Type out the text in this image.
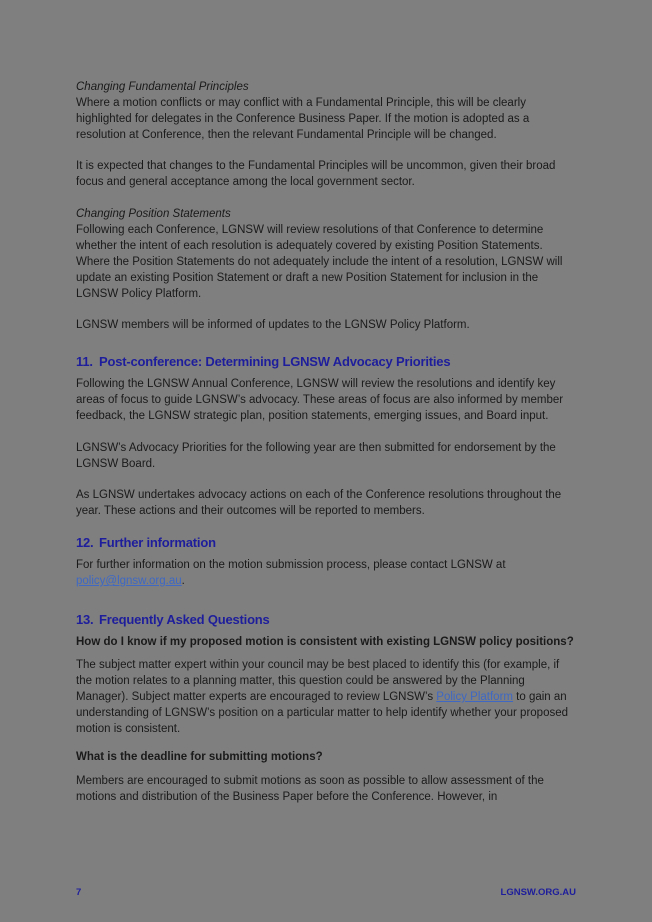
Changing Fundamental Principles

Where a motion conflicts or may conflict with a Fundamental Principle, this will be clearly highlighted for delegates in the Conference Business Paper. If the motion is adopted as a resolution at Conference, then the relevant Fundamental Principle will be changed.

It is expected that changes to the Fundamental Principles will be uncommon, given their broad focus and general acceptance among the local government sector.

Changing Position Statements

Following each Conference, LGNSW will review resolutions of that Conference to determine whether the intent of each resolution is adequately covered by existing Position Statements. Where the Position Statements do not adequately include the intent of a resolution, LGNSW will update an existing Position Statement or draft a new Position Statement for inclusion in the LGNSW Policy Platform.

LGNSW members will be informed of updates to the LGNSW Policy Platform.

11. Post-conference: Determining LGNSW Advocacy Priorities

Following the LGNSW Annual Conference, LGNSW will review the resolutions and identify key areas of focus to guide LGNSW’s advocacy. These areas of focus are also informed by member feedback, the LGNSW strategic plan, position statements, emerging issues, and Board input.

LGNSW’s Advocacy Priorities for the following year are then submitted for endorsement by the LGNSW Board.

As LGNSW undertakes advocacy actions on each of the Conference resolutions throughout the year. These actions and their outcomes will be reported to members.

12. Further information

For further information on the motion submission process, please contact LGNSW at policy@lgnsw.org.au.

13. Frequently Asked Questions

How do I know if my proposed motion is consistent with existing LGNSW policy positions?

The subject matter expert within your council may be best placed to identify this (for example, if the motion relates to a planning matter, this question could be answered by the Planning Manager). Subject matter experts are encouraged to review LGNSW’s Policy Platform to gain an understanding of LGNSW’s position on a particular matter to help identify whether your proposed motion is consistent.

What is the deadline for submitting motions?

Members are encouraged to submit motions as soon as possible to allow assessment of the motions and distribution of the Business Paper before the Conference. However, in

7	LGNSW.ORG.AU
